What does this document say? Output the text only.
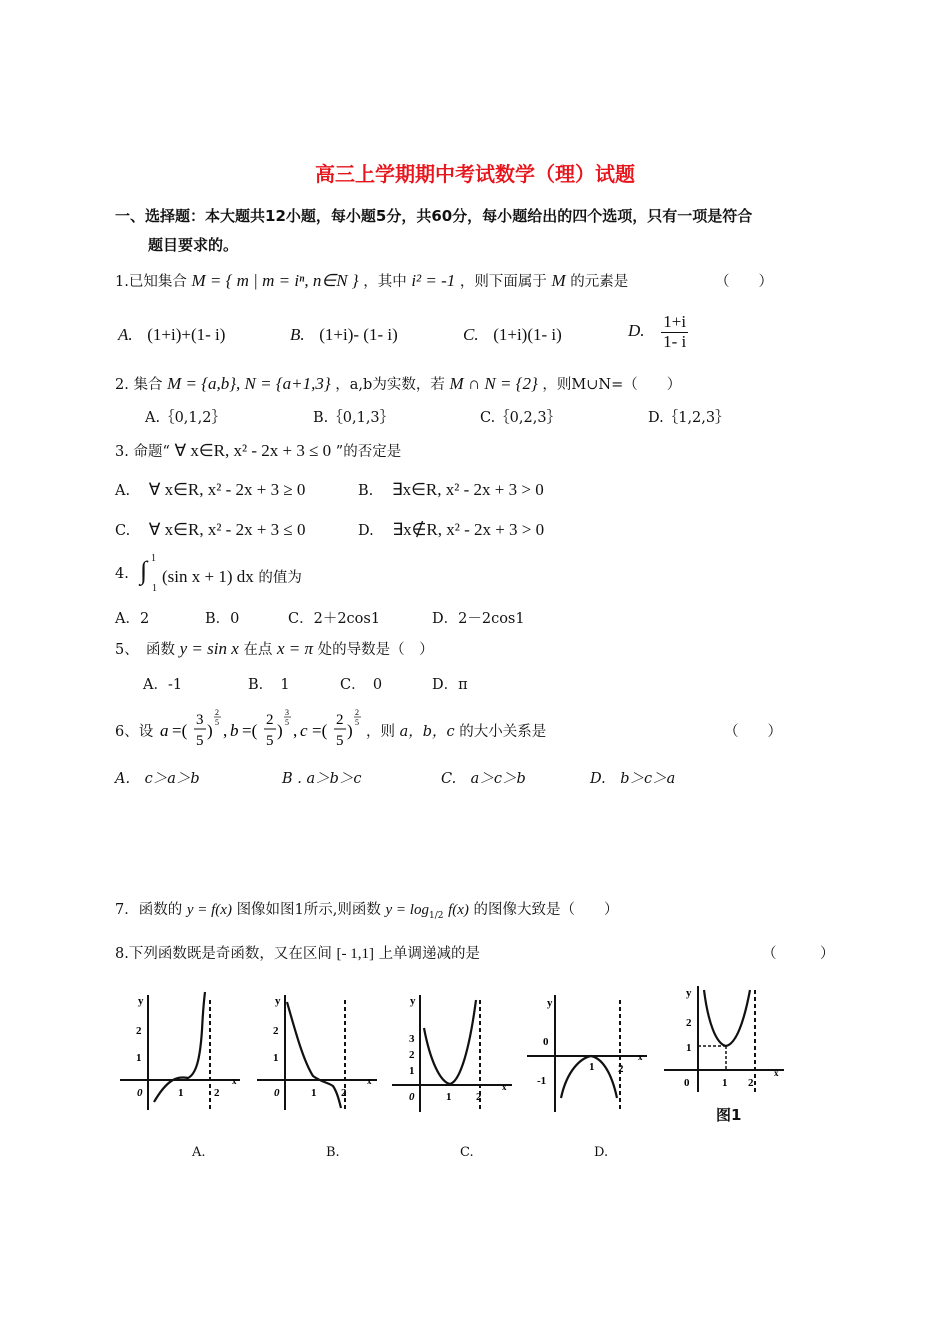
高三上学期期中考试数学（理）试题
一、选择题：本大题共12小题，每小题5分，共60分，每小题给出的四个选项，只有一项是符合
题目要求的。
1.已知集合 M = { m | m = iⁿ, n∈N } ，其中 i² = -1 ，则下面属于 M 的元素是	（　　）
A. (1+i)+(1- i)	B. (1+i)- (1- i)	C. (1+i)(1- i)	D. $\frac{1+i}{1- i}$
2. 集合 M = {a,b}, N = {a+1,3} ，a,b为实数，若 M ∩ N = {2} ，则M∪N=（　　）
A.｛0,1,2｝	B.｛0,1,3｝	C.｛0,2,3｝	D.｛1,2,3｝
3. 命题“ ∀ x∈R, x² - 2x + 3 ≤ 0 ”的否定是
A. ∀ x∈R, x² - 2x + 3 ≥ 0	B. ∃x∈R, x² - 2x + 3 > 0
C. ∀ x∈R, x² - 2x + 3 ≤ 0	D. ∃x∉R, x² - 2x + 3 > 0
4. ∫ 1
1
(sin x + 1) dx 的值为
A．2	B．0	C．2＋2cos1	D．2－2cos1
5、　函数 y = sin x 在点 x = π 处的导数是（　）
A．-1	B．　1	C．　0	D．π
6、设 a =(
3
5
)
2
5 , b =(
2
5
)
3
5 , c =(
2
5
)
2
5
，则 a，b，c 的大小关系是	（　　）
A.　c＞a＞b	B . a＞b＞c	C.　a＞c＞b	D.　b＞c＞a
7．函数的 y = f(x) 图像如图1所示,则函数 $y = \log_{1/2} f(x)$ 的图像大致是（　　）
8.下列函数既是奇函数，又在区间 [- 1,1] 上单调递减的是	（　　　）
y
2
1
0	1	2
x
A.
y
2
1
0	1 2
x
B.
y
3
2
1
0	1 2
x
C.
y
0
1 2
x
-1
D.
y
2
1
0	1 2
x
图1
